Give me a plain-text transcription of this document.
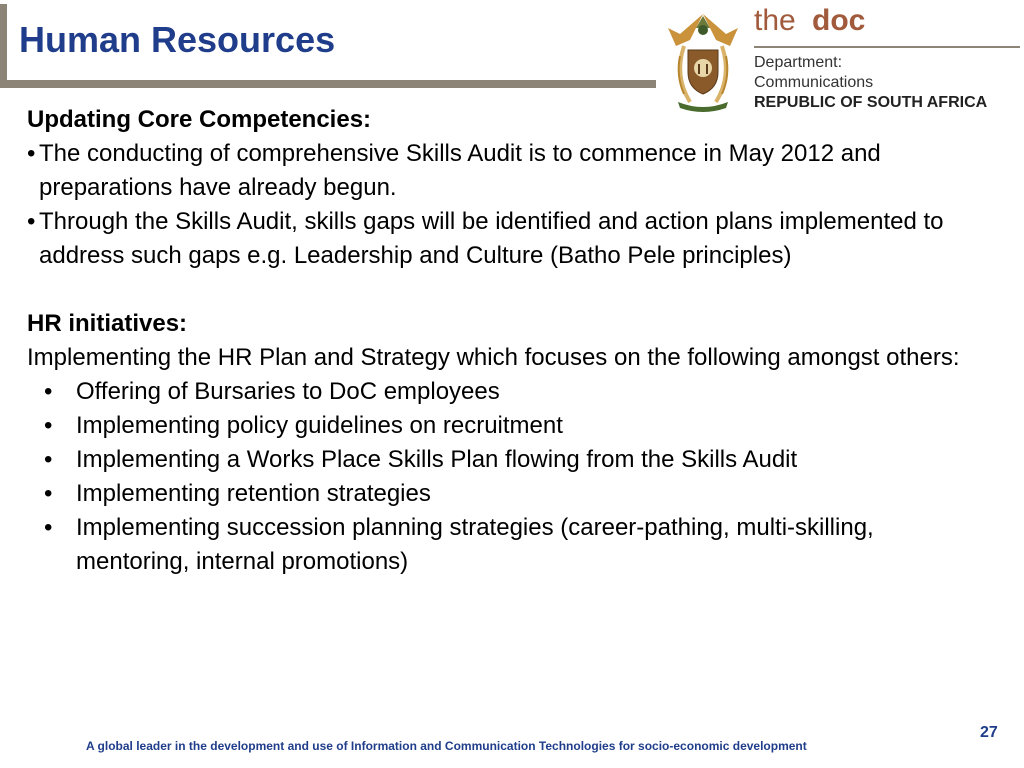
Human Resources	the doc
Department:
Communications
REPUBLIC OF SOUTH AFRICA

Updating Core Competencies:

• The conducting of comprehensive Skills Audit is to commence in May 2012 and preparations have already begun.

• Through the Skills Audit, skills gaps will be identified and action plans implemented to address such gaps e.g. Leadership and Culture (Batho Pele principles)

HR initiatives:

Implementing the HR Plan and Strategy which focuses on the following amongst others:

• Offering of Bursaries to DoC employees

• Implementing policy guidelines on recruitment

• Implementing a Works Place Skills Plan flowing from the Skills Audit

• Implementing retention strategies

• Implementing succession planning strategies (career-pathing, multi-skilling, mentoring, internal promotions)

A global leader in the development and use of Information and Communication Technologies for socio-economic development
27
